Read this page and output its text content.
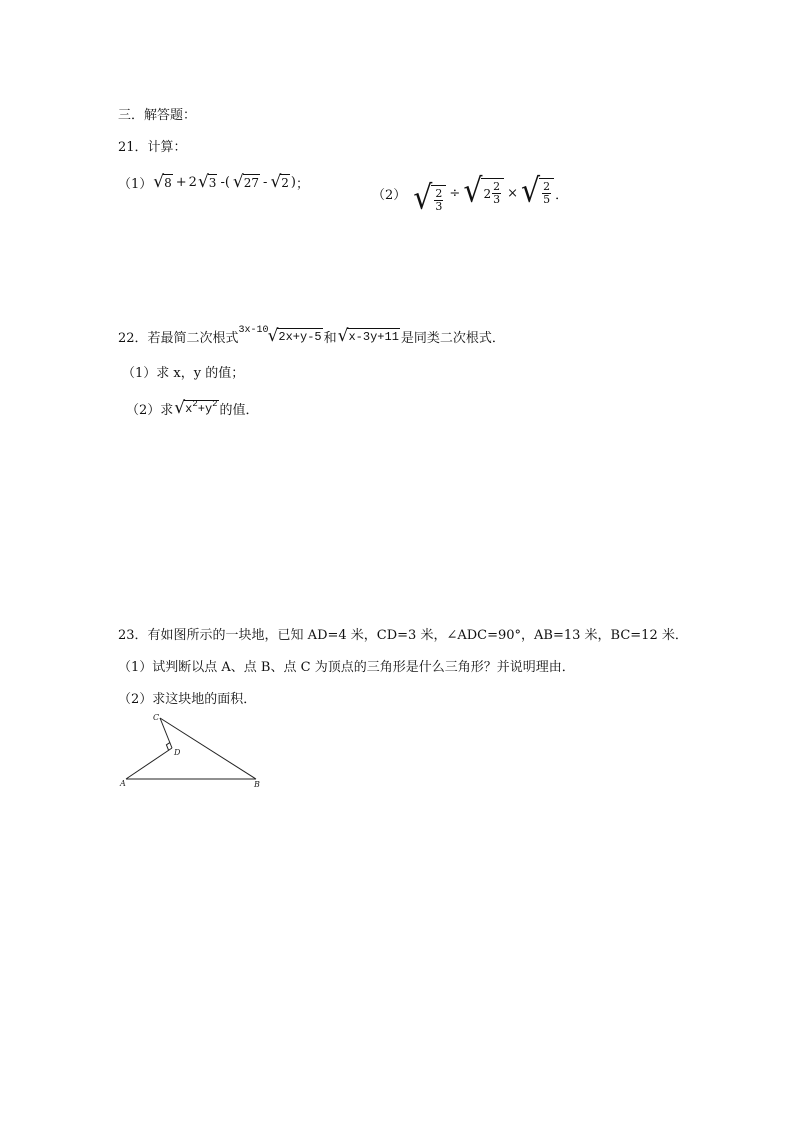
三．解答题：
21．计算：
（1） √ 8 + 2 √ 3 -( √ 27 - √ 2 ) ；
（2） √ $\frac{2}{3}$ ÷ √ $2 \frac{2}{3}$ × √ $\frac{2}{5}$ ．
22．若最简二次根式
3x-10 √ 2x+y-5 和 √ x-3y+11 是同类二次根式．
（1）求 x，y 的值；
（2）求 √ $x^2 + y^2$ 的值．
23．有如图所示的一块地，已知 AD=4 米，CD=3 米，∠ADC=90°，AB=13 米，BC=12 米．
（1）试判断以点 A、点 B、点 C 为顶点的三角形是什么三角形？并说明理由．
（2）求这块地的面积．
C
D
A	B
